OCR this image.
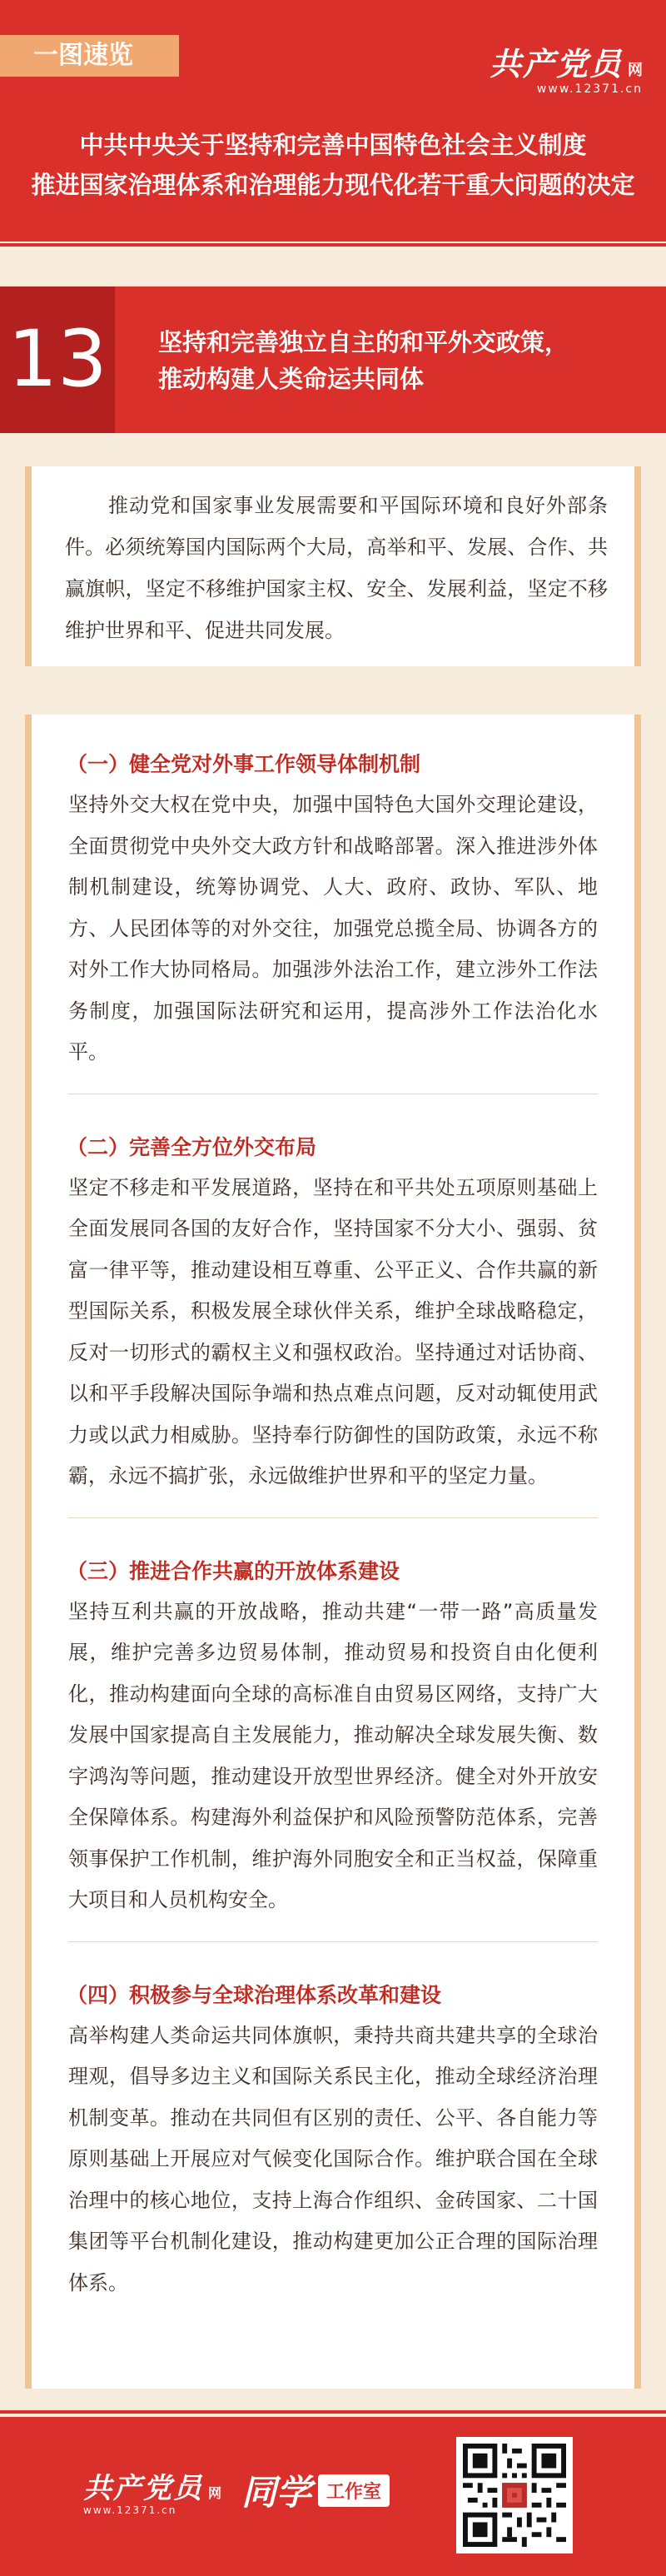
一图速览	共产党员 网
www.12371.cn
中共中央关于坚持和完善中国特色社会主义制度
推进国家治理体系和治理能力现代化若干重大问题的决定
13	坚持和完善独立自主的和平外交政策，
推动构建人类命运共同体

推动党和国家事业发展需要和平国际环境和良好外部条件。必须统筹国内国际两个大局，高举和平、发展、合作、共赢旗帜，坚定不移维护国家主权、安全、发展利益，坚定不移维护世界和平、促进共同发展。

（一）健全党对外事工作领导体制机制

坚持外交大权在党中央，加强中国特色大国外交理论建设，全面贯彻党中央外交大政方针和战略部署。深入推进涉外体制机制建设，统筹协调党、人大、政府、政协、军队、地方、人民团体等的对外交往，加强党总揽全局、协调各方的对外工作大协同格局。加强涉外法治工作，建立涉外工作法务制度，加强国际法研究和运用，提高涉外工作法治化水平。

（二）完善全方位外交布局

坚定不移走和平发展道路，坚持在和平共处五项原则基础上全面发展同各国的友好合作，坚持国家不分大小、强弱、贫富一律平等，推动建设相互尊重、公平正义、合作共赢的新型国际关系，积极发展全球伙伴关系，维护全球战略稳定，反对一切形式的霸权主义和强权政治。坚持通过对话协商、以和平手段解决国际争端和热点难点问题，反对动辄使用武力或以武力相威胁。坚持奉行防御性的国防政策，永远不称霸，永远不搞扩张，永远做维护世界和平的坚定力量。

（三）推进合作共赢的开放体系建设

坚持互利共赢的开放战略，推动共建“一带一路”高质量发展，维护完善多边贸易体制，推动贸易和投资自由化便利化，推动构建面向全球的高标准自由贸易区网络，支持广大发展中国家提高自主发展能力，推动解决全球发展失衡、数字鸿沟等问题，推动建设开放型世界经济。健全对外开放安全保障体系。构建海外利益保护和风险预警防范体系，完善领事保护工作机制，维护海外同胞安全和正当权益，保障重大项目和人员机构安全。

（四）积极参与全球治理体系改革和建设

高举构建人类命运共同体旗帜，秉持共商共建共享的全球治理观，倡导多边主义和国际关系民主化，推动全球经济治理机制变革。推动在共同但有区别的责任、公平、各自能力等原则基础上开展应对气候变化国际合作。维护联合国在全球治理中的核心地位，支持上海合作组织、金砖国家、二十国集团等平台机制化建设，推动构建更加公正合理的国际治理体系。

共产党员 网
www.12371.cn	同学 工作室
